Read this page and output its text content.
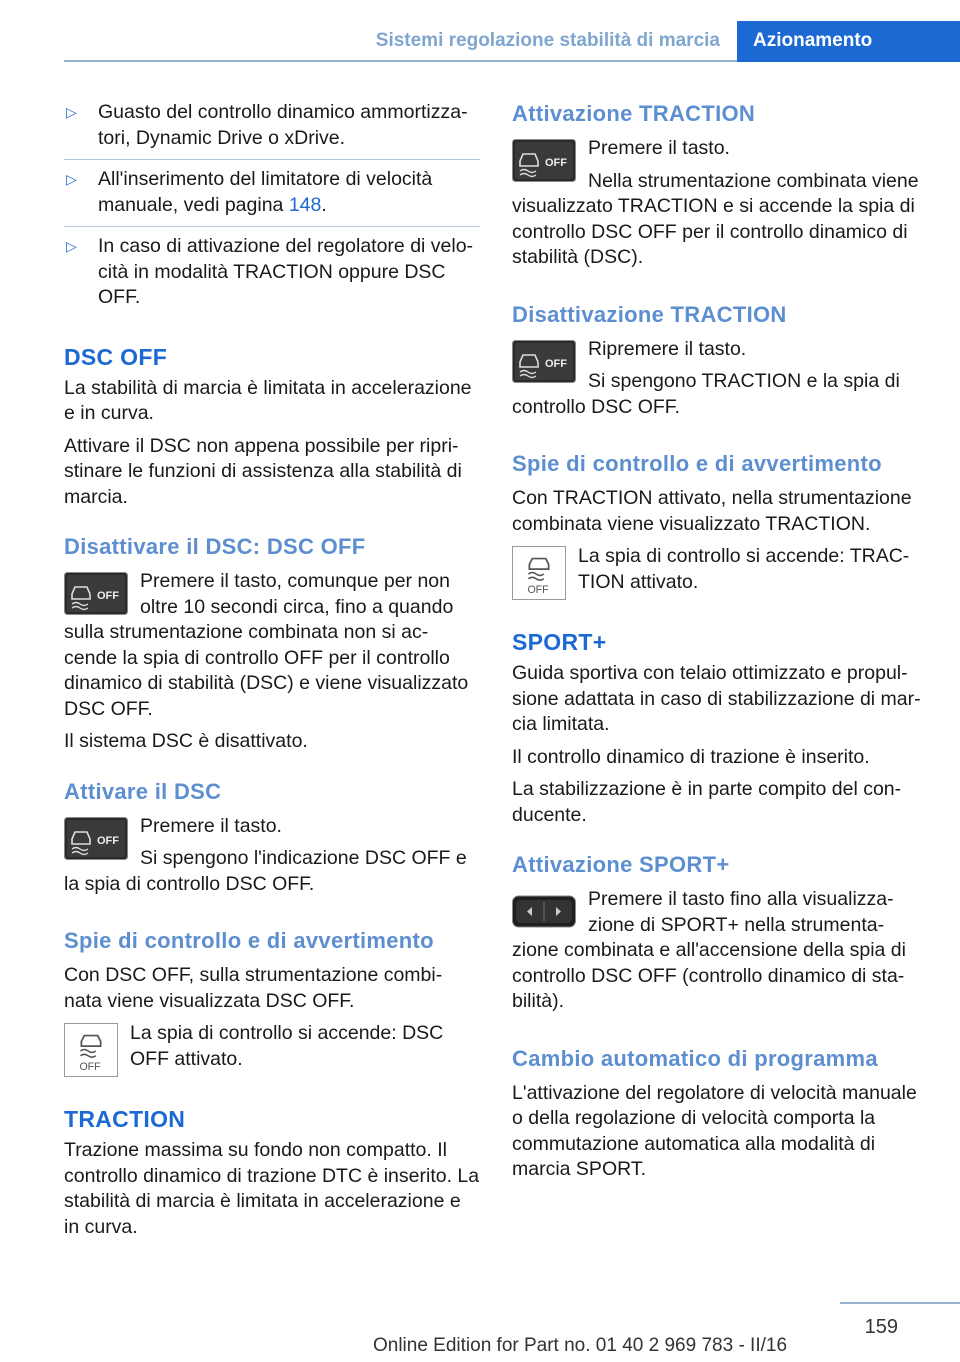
Sistemi regolazione stabilità di marcia	Azionamento
▷ Guasto del controllo dinamico ammortizza‐tori, Dynamic Drive o xDrive.
▷ All'inserimento del limitatore di velocità manuale, vedi pagina 148.
▷ In caso di attivazione del regolatore di velo‐cità in modalità TRACTION oppure DSC OFF.
DSC OFF

La stabilità di marcia è limitata in accelerazione e in curva.

Attivare il DSC non appena possibile per ripri‐stinare le funzioni di assistenza alla stabilità di marcia.

Disattivare il DSC: DSC OFF
OFF

Premere il tasto, comunque per non oltre 10 secondi circa, fino a quando sulla strumentazione combinata non si ac‐cende la spia di controllo OFF per il controllo dinamico di stabilità (DSC) e viene visualizzato DSC OFF.

Il sistema DSC è disattivato.

Attivare il DSC
OFF

Premere il tasto.

Si spengono l'indicazione DSC OFF e la spia di controllo DSC OFF.

Spie di controllo e di avvertimento

Con DSC OFF, sulla strumentazione combi‐nata viene visualizzata DSC OFF.

OFF

La spia di controllo si accende: DSC OFF attivato.

TRACTION

Trazione massima su fondo non compatto. Il controllo dinamico di trazione DTC è inserito. La stabilità di marcia è limitata in accelerazione e in curva.

Attivazione TRACTION
OFF

Premere il tasto.

Nella strumentazione combinata viene visualizzato TRACTION e si accende la spia di controllo DSC OFF per il controllo dinamico di stabilità (DSC).

Disattivazione TRACTION
OFF

Ripremere il tasto.

Si spengono TRACTION e la spia di controllo DSC OFF.

Spie di controllo e di avvertimento

Con TRACTION attivato, nella strumentazione combinata viene visualizzato TRACTION.

OFF

La spia di controllo si accende: TRAC‐TION attivato.

SPORT+

Guida sportiva con telaio ottimizzato e propul‐sione adattata in caso di stabilizzazione di mar‐cia limitata.

Il controllo dinamico di trazione è inserito.

La stabilizzazione è in parte compito del con‐ducente.

Attivazione SPORT+

Premere il tasto fino alla visualizza‐zione di SPORT+ nella strumenta‐zione combinata e all'accensione della spia di controllo DSC OFF (controllo dinamico di sta‐bilità).

Cambio automatico di programma

L'attivazione del regolatore di velocità manuale o della regolazione di velocità comporta la commutazione automatica alla modalità di marcia SPORT.

159
Online Edition for Part no. 01 40 2 969 783 - II/16
